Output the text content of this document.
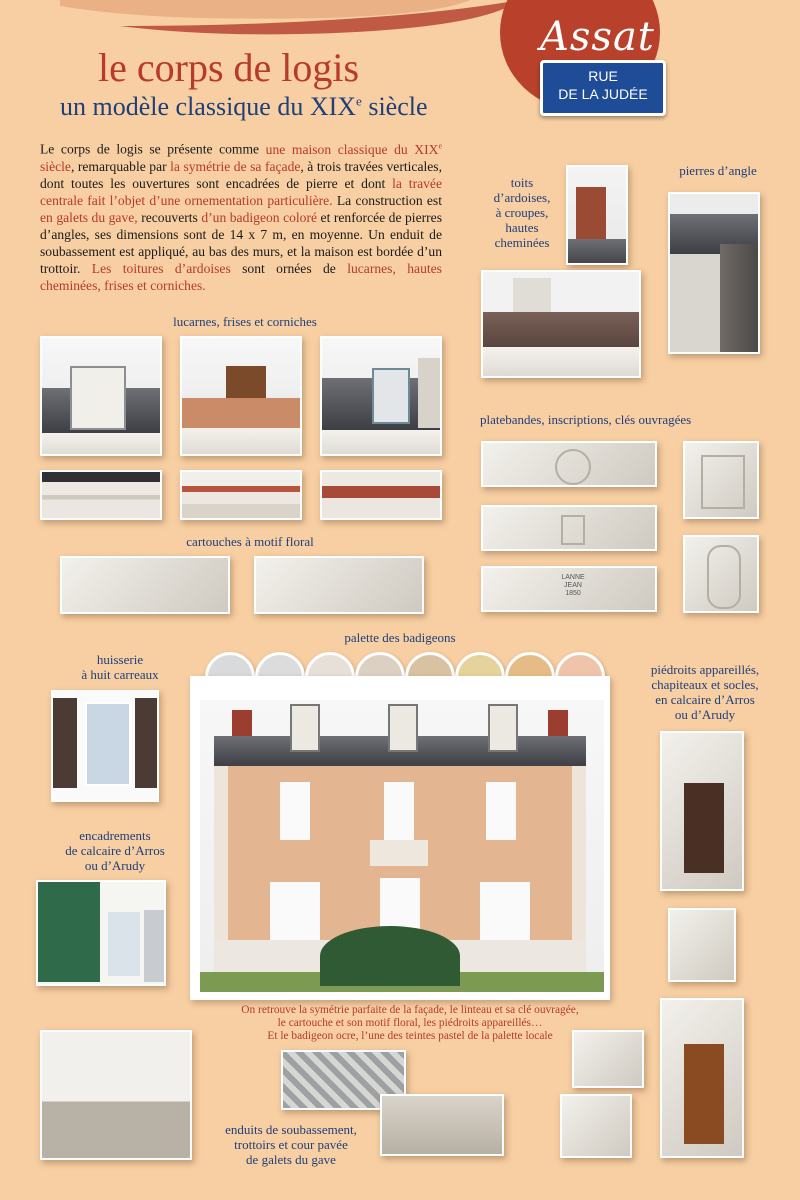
Assat
RUE
DE LA JUDÉE
le corps de logis
un modèle classique du XIXe siècle
Le corps de logis se présente comme une maison classique du XIXe siècle, remarquable par la symétrie de sa façade, à trois travées verticales, dont toutes les ouvertures sont encadrées de pierre et dont la travée centrale fait l’objet d’une ornementation particulière. La construction est en galets du gave, recouverts d’un badigeon coloré et renforcée de pierres d’angles, ses dimensions sont de 14 x 7 m, en moyenne. Un enduit de soubassement est appliqué, au bas des murs, et la maison est bordée d’un trottoir. Les toitures d’ardoises sont ornées de lucarnes, hautes cheminées, frises et corniches.
toits
d’ardoises,
à croupes,
hautes
cheminées
pierres d’angle
lucarnes, frises et corniches
platebandes, inscriptions, clés ouvragées
LANNE
JEAN
1850
cartouches à motif floral
palette des badigeons
On retrouve la symétrie parfaite de la façade, le linteau et sa clé ouvragée,
le cartouche et son motif floral, les piédroits appareillés…
Et le badigeon ocre, l’une des teintes pastel de la palette locale
huisserie
à huit carreaux
encadrements
de calcaire d’Arros
ou d’Arudy
piédroits appareillés,
chapiteaux et socles,
en calcaire d’Arros
ou d’Arudy
enduits de soubassement,
trottoirs et cour pavée
de galets du gave
